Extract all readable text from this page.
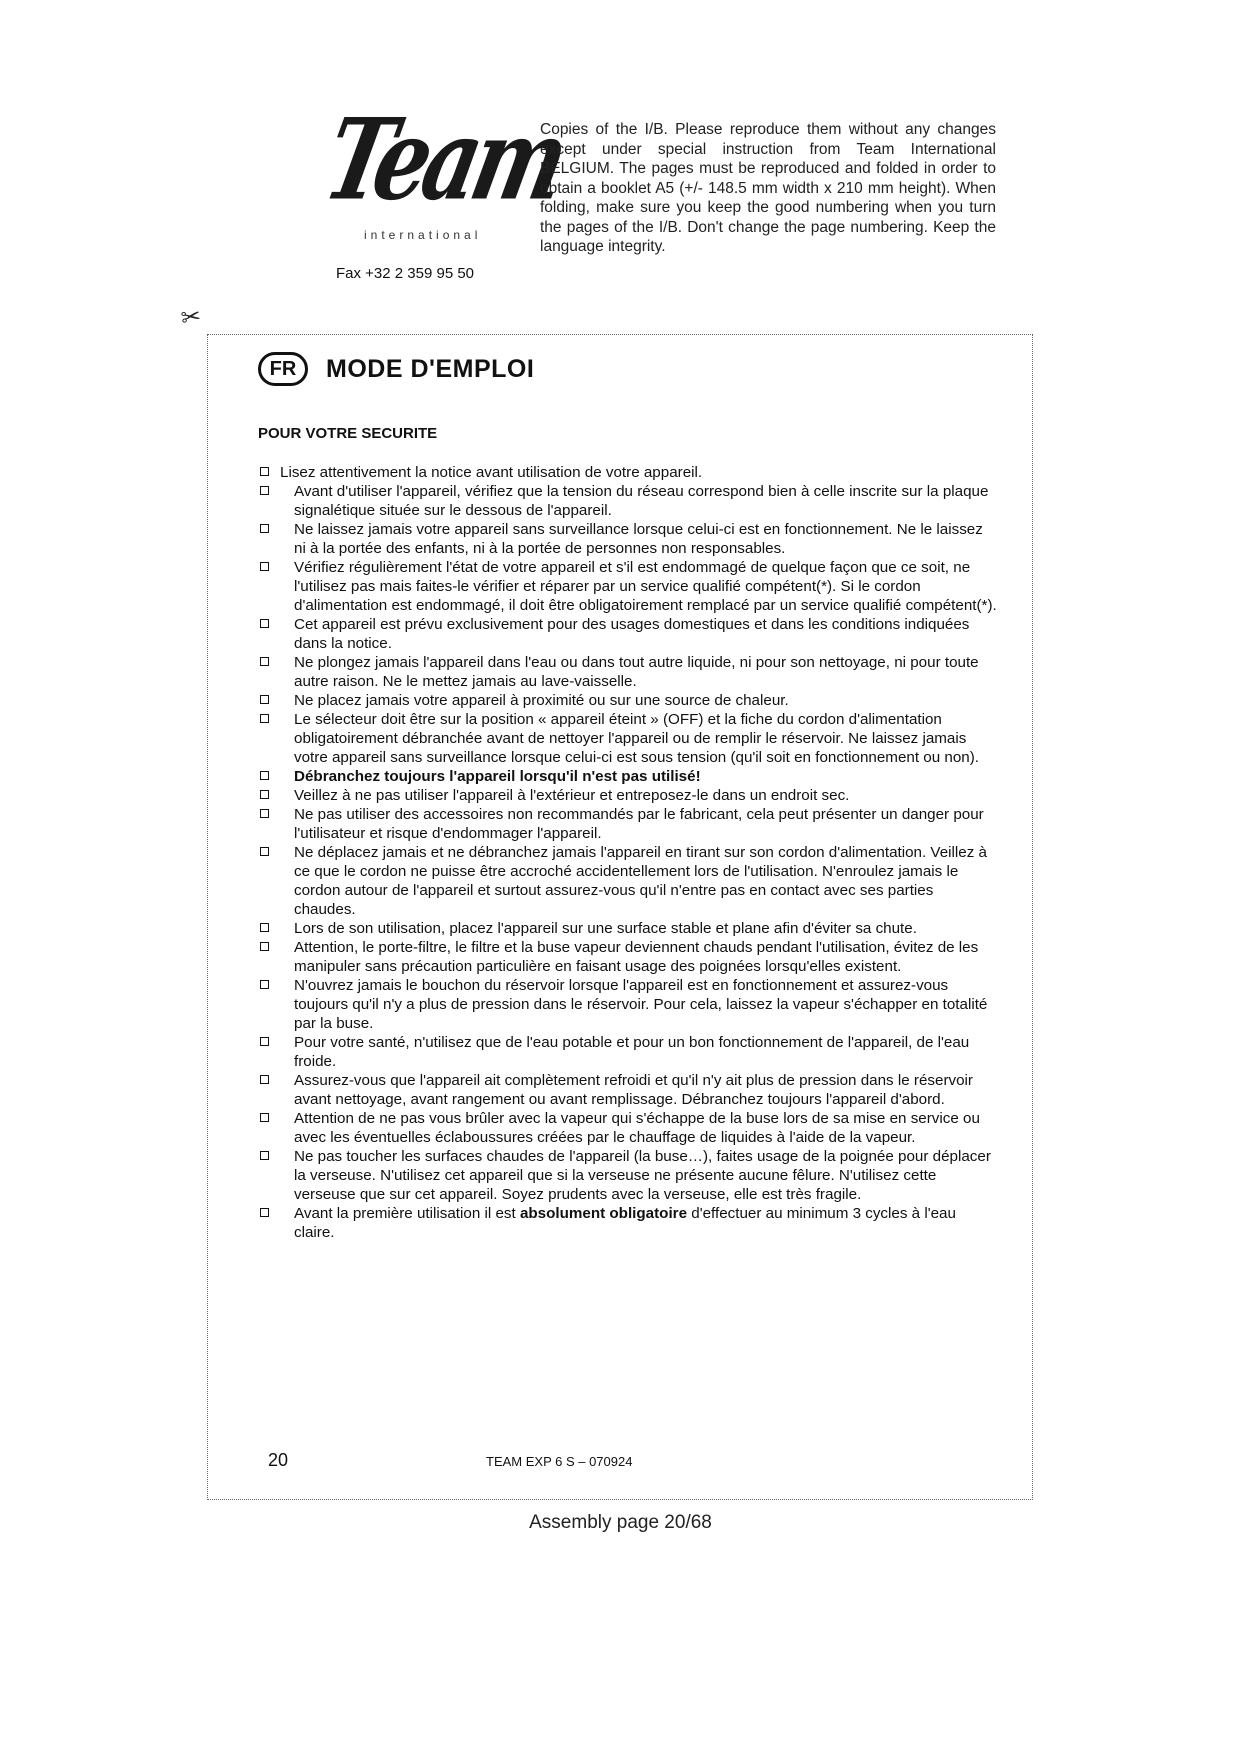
Team
international
Fax +32 2 359 95 50
Copies of the I/B. Please reproduce them without any changes except under special instruction from Team International BELGIUM. The pages must be reproduced and folded in order to obtain a booklet A5 (+/- 148.5 mm width x 210 mm height). When folding, make sure you keep the good numbering when you turn the pages of the I/B. Don't change the page numbering. Keep the language integrity.
✂
FR	MODE D'EMPLOI
POUR VOTRE SECURITE
Lisez attentivement la notice avant utilisation de votre appareil.
Avant d'utiliser l'appareil, vérifiez que la tension du réseau correspond bien à celle inscrite sur la plaque signalétique située sur le dessous de l'appareil.
Ne laissez jamais votre appareil sans surveillance lorsque celui-ci est en fonctionnement. Ne le laissez ni à la portée des enfants, ni à la portée de personnes non responsables.
Vérifiez régulièrement l'état de votre appareil et s'il est endommagé de quelque façon que ce soit, ne l'utilisez pas mais faites-le vérifier et réparer par un service qualifié compétent(*). Si le cordon d'alimentation est endommagé, il doit être obligatoirement remplacé par un service qualifié compétent(*).
Cet appareil est prévu exclusivement pour des usages domestiques et dans les conditions indiquées dans la notice.
Ne plongez jamais l'appareil dans l'eau ou dans tout autre liquide, ni pour son nettoyage, ni pour toute autre raison. Ne le mettez jamais au lave-vaisselle.
Ne placez jamais votre appareil à proximité ou sur une source de chaleur.
Le sélecteur doit être sur la position « appareil éteint » (OFF) et la fiche du cordon d'alimentation obligatoirement débranchée avant de nettoyer l'appareil ou de remplir le réservoir. Ne laissez jamais votre appareil sans surveillance lorsque celui-ci est sous tension (qu'il soit en fonctionnement ou non).
Débranchez toujours l'appareil lorsqu'il n'est pas utilisé!
Veillez à ne pas utiliser l'appareil à l'extérieur et entreposez-le dans un endroit sec.
Ne pas utiliser des accessoires non recommandés par le fabricant, cela peut présenter un danger pour l'utilisateur et risque d'endommager l'appareil.
Ne déplacez jamais et ne débranchez jamais l'appareil en tirant sur son cordon d'alimentation. Veillez à ce que le cordon ne puisse être accroché accidentellement lors de l'utilisation. N'enroulez jamais le cordon autour de l'appareil et surtout assurez-vous qu'il n'entre pas en contact avec ses parties chaudes.
Lors de son utilisation, placez l'appareil sur une surface stable et plane afin d'éviter sa chute.
Attention, le porte-filtre, le filtre et la buse vapeur deviennent chauds pendant l'utilisation, évitez de les manipuler sans précaution particulière en faisant usage des poignées lorsqu'elles existent.
N'ouvrez jamais le bouchon du réservoir lorsque l'appareil est en fonctionnement et assurez-vous toujours qu'il n'y a plus de pression dans le réservoir. Pour cela, laissez la vapeur s'échapper en totalité par la buse.
Pour votre santé, n'utilisez que de l'eau potable et pour un bon fonctionnement de l'appareil, de l'eau froide.
Assurez-vous que l'appareil ait complètement refroidi et qu'il n'y ait plus de pression dans le réservoir avant nettoyage, avant rangement ou avant remplissage. Débranchez toujours l'appareil d'abord.
Attention de ne pas vous brûler avec la vapeur qui s'échappe de la buse lors de sa mise en service ou avec les éventuelles éclaboussures créées par le chauffage de liquides à l'aide de la vapeur.
Ne pas toucher les surfaces chaudes de l'appareil (la buse…), faites usage de la poignée pour déplacer la verseuse. N'utilisez cet appareil que si la verseuse ne présente aucune fêlure. N'utilisez cette verseuse que sur cet appareil. Soyez prudents avec la verseuse, elle est très fragile.
Avant la première utilisation il est absolument obligatoire d'effectuer au minimum 3 cycles à l'eau claire.
20	TEAM EXP 6 S – 070924
Assembly page 20/68
